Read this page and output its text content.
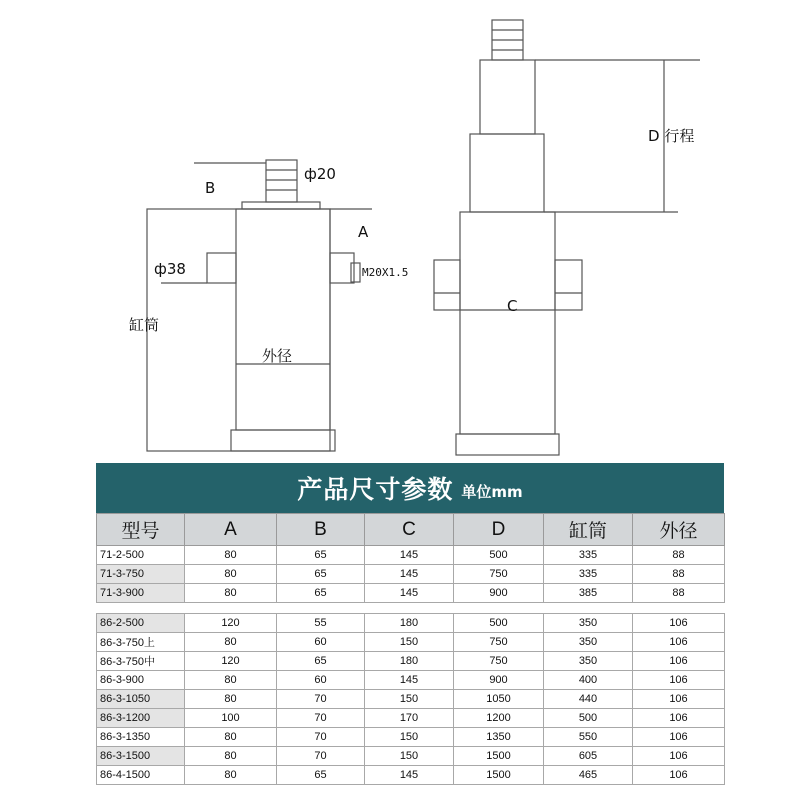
ф20
B
A
ф38	M20X1.5
缸筒
外径
D 行程
C
产品尺寸参数 单位mm
型号	A	B	C	D	缸筒	外径
71-2-500	80	65	145	500	335	88
71-3-750	80	65	145	750	335	88
71-3-900	80	65	145	900	385	88

86-2-500	120	55	180	500	350	106
86-3-750上	80	60	150	750	350	106
86-3-750中	120	65	180	750	350	106
86-3-900	80	60	145	900	400	106
86-3-1050	80	70	150	1050	440	106
86-3-1200	100	70	170	1200	500	106
86-3-1350	80	70	150	1350	550	106
86-3-1500	80	70	150	1500	605	106
86-4-1500	80	65	145	1500	465	106
